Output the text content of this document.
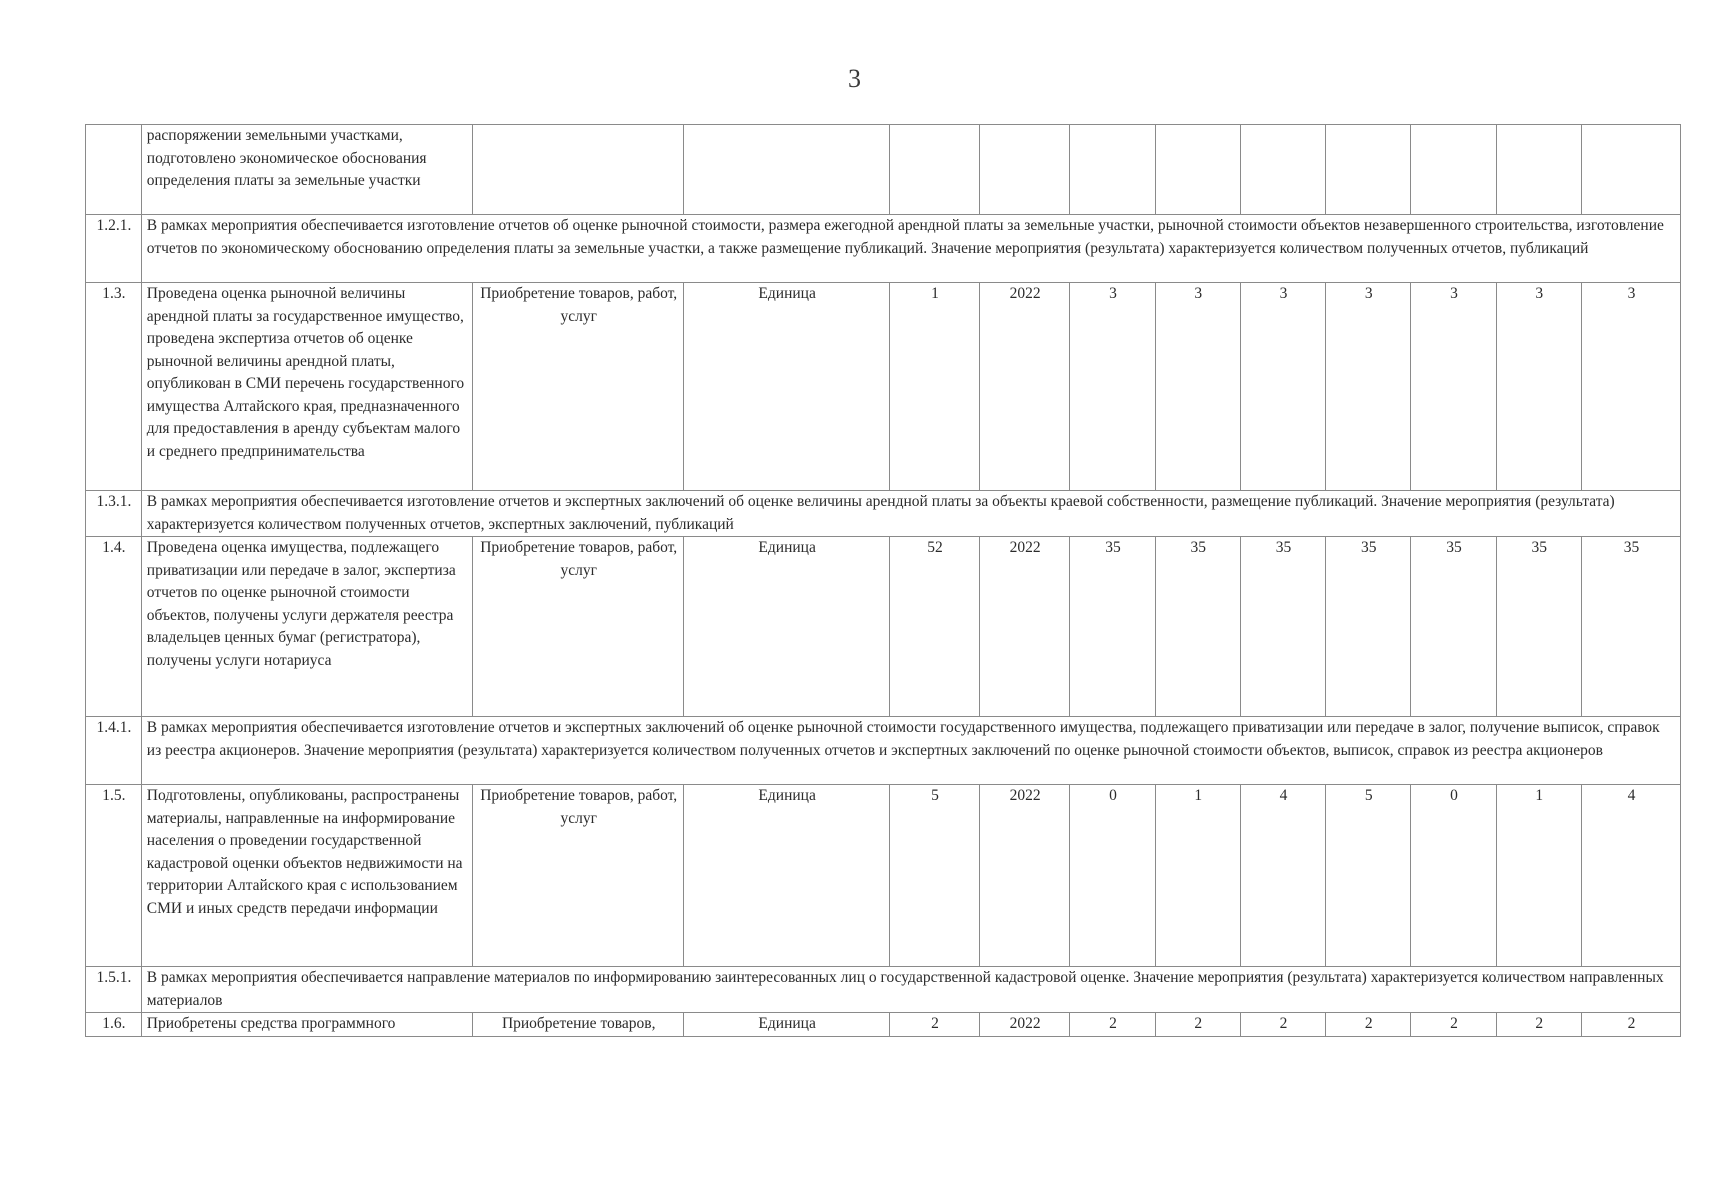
3
	распоряжении земельными участками, подготовлено экономическое обоснования определения платы за земельные участки											
1.2.1.	В рамках мероприятия обеспечивается изготовление отчетов об оценке рыночной стоимости, размера ежегодной арендной платы за земельные участки, рыночной стоимости объектов незавершенного строительства, изготовление отчетов по экономическому обоснованию определения платы за земельные участки, а также размещение публикаций. Значение мероприятия (результата) характеризуется количеством полученных отчетов, публикаций											
1.3.	Проведена оценка рыночной величины арендной платы за государственное имущество, проведена экспертиза отчетов об оценке рыночной величины арендной платы, опубликован в СМИ перечень государственного имущества Алтайского края, предназначенного для предоставления в аренду субъектам малого и среднего предпринимательства	Приобретение товаров, работ, услуг	Единица	1	2022	3	3	3	3	3	3	3
1.3.1.	В рамках мероприятия обеспечивается изготовление отчетов и экспертных заключений об оценке величины арендной платы за объекты краевой собственности, размещение публикаций. Значение мероприятия (результата) характеризуется количеством полученных отчетов, экспертных заключений, публикаций											
1.4.	Проведена оценка имущества, подлежащего приватизации или передаче в залог, экспертиза отчетов по оценке рыночной стоимости объектов, получены услуги держателя реестра владельцев ценных бумаг (регистратора), получены услуги нотариуса	Приобретение товаров, работ, услуг	Единица	52	2022	35	35	35	35	35	35	35
1.4.1.	В рамках мероприятия обеспечивается изготовление отчетов и экспертных заключений об оценке рыночной стоимости государственного имущества, подлежащего приватизации или передаче в залог, получение выписок, справок из реестра акционеров. Значение мероприятия (результата) характеризуется количеством полученных отчетов и экспертных заключений по оценке рыночной стоимости объектов, выписок, справок из реестра акционеров											
1.5.	Подготовлены, опубликованы, распространены материалы, направленные на информирование населения о проведении государственной кадастровой оценки объектов недвижимости на территории Алтайского края с использованием СМИ и иных средств передачи информации	Приобретение товаров, работ, услуг	Единица	5	2022	0	1	4	5	0	1	4
1.5.1.	В рамках мероприятия обеспечивается направление материалов по информированию заинтересованных лиц о государственной кадастровой оценке. Значение мероприятия (результата) характеризуется количеством направленных материалов											
1.6.	Приобретены средства программного	Приобретение товаров,	Единица	2	2022	2	2	2	2	2	2	2
